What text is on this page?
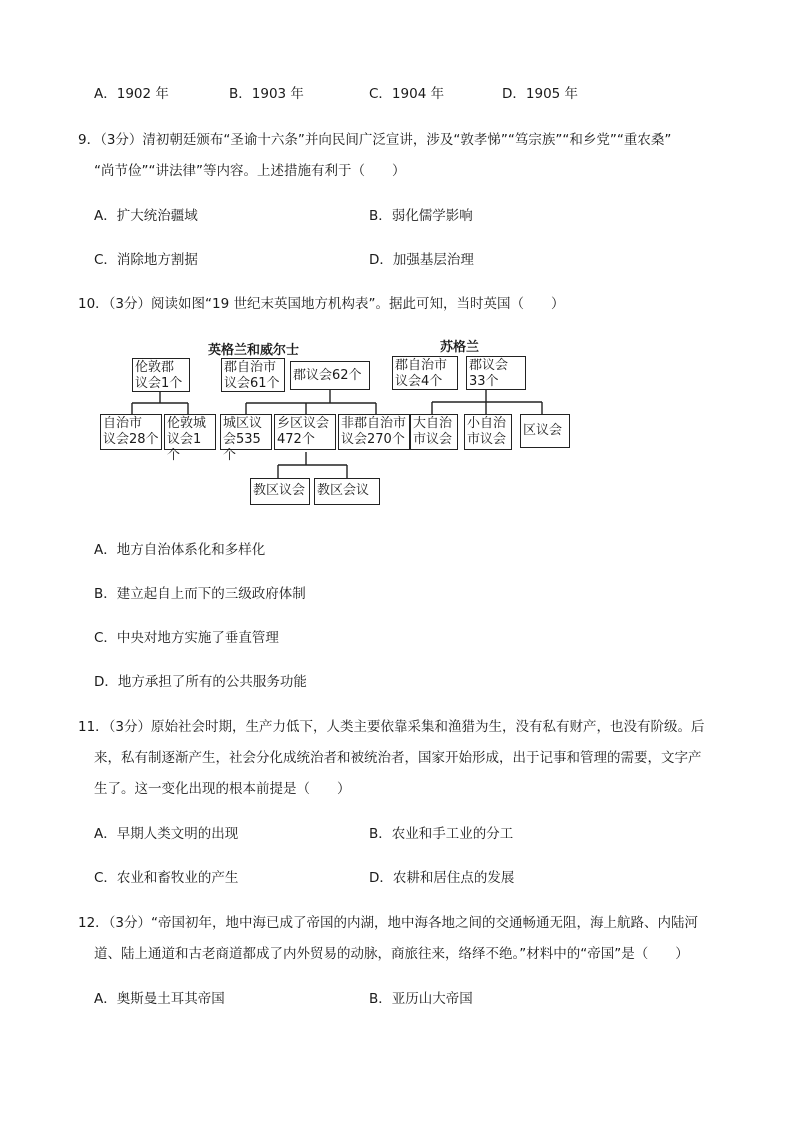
A．1902 年	B．1903 年	C．1904 年	D．1905 年
9．（3分）清初朝廷颁布“圣谕十六条”并向民间广泛宣讲，涉及“敦孝悌”“笃宗族”“和乡党”“重农桑”
“尚节俭”“讲法律”等内容。上述措施有利于（　　）
A．扩大统治疆域	B．弱化儒学影响
C．消除地方割据	D．加强基层治理
10．（3分）阅读如图“19 世纪末英国地方机构表”。据此可知，当时英国（　　）
英格兰和威尔士	苏格兰
伦敦郡
议会1个
郡自治市
议会61个
郡议会62个
自治市
议会28个
伦敦城
议会1个
城区议
会535个
乡区议会
472个
非郡自治市
议会270个
教区议会 教区会议
郡自治市
议会4个
郡议会
33个
大自治
市议会
小自治
市议会
区议会
A．地方自治体系化和多样化
B．建立起自上而下的三级政府体制
C．中央对地方实施了垂直管理
D．地方承担了所有的公共服务功能
11．（3分）原始社会时期，生产力低下，人类主要依靠采集和渔猎为生，没有私有财产，也没有阶级。后
来，私有制逐渐产生，社会分化成统治者和被统治者，国家开始形成，出于记事和管理的需要，文字产
生了。这一变化出现的根本前提是（　　）
A．早期人类文明的出现	B．农业和手工业的分工
C．农业和畜牧业的产生	D．农耕和居住点的发展
12．（3分）“帝国初年，地中海已成了帝国的内湖，地中海各地之间的交通畅通无阻，海上航路、内陆河
道、陆上通道和古老商道都成了内外贸易的动脉，商旅往来，络绎不绝。”材料中的“帝国”是（　　）
A．奥斯曼土耳其帝国	B．亚历山大帝国
